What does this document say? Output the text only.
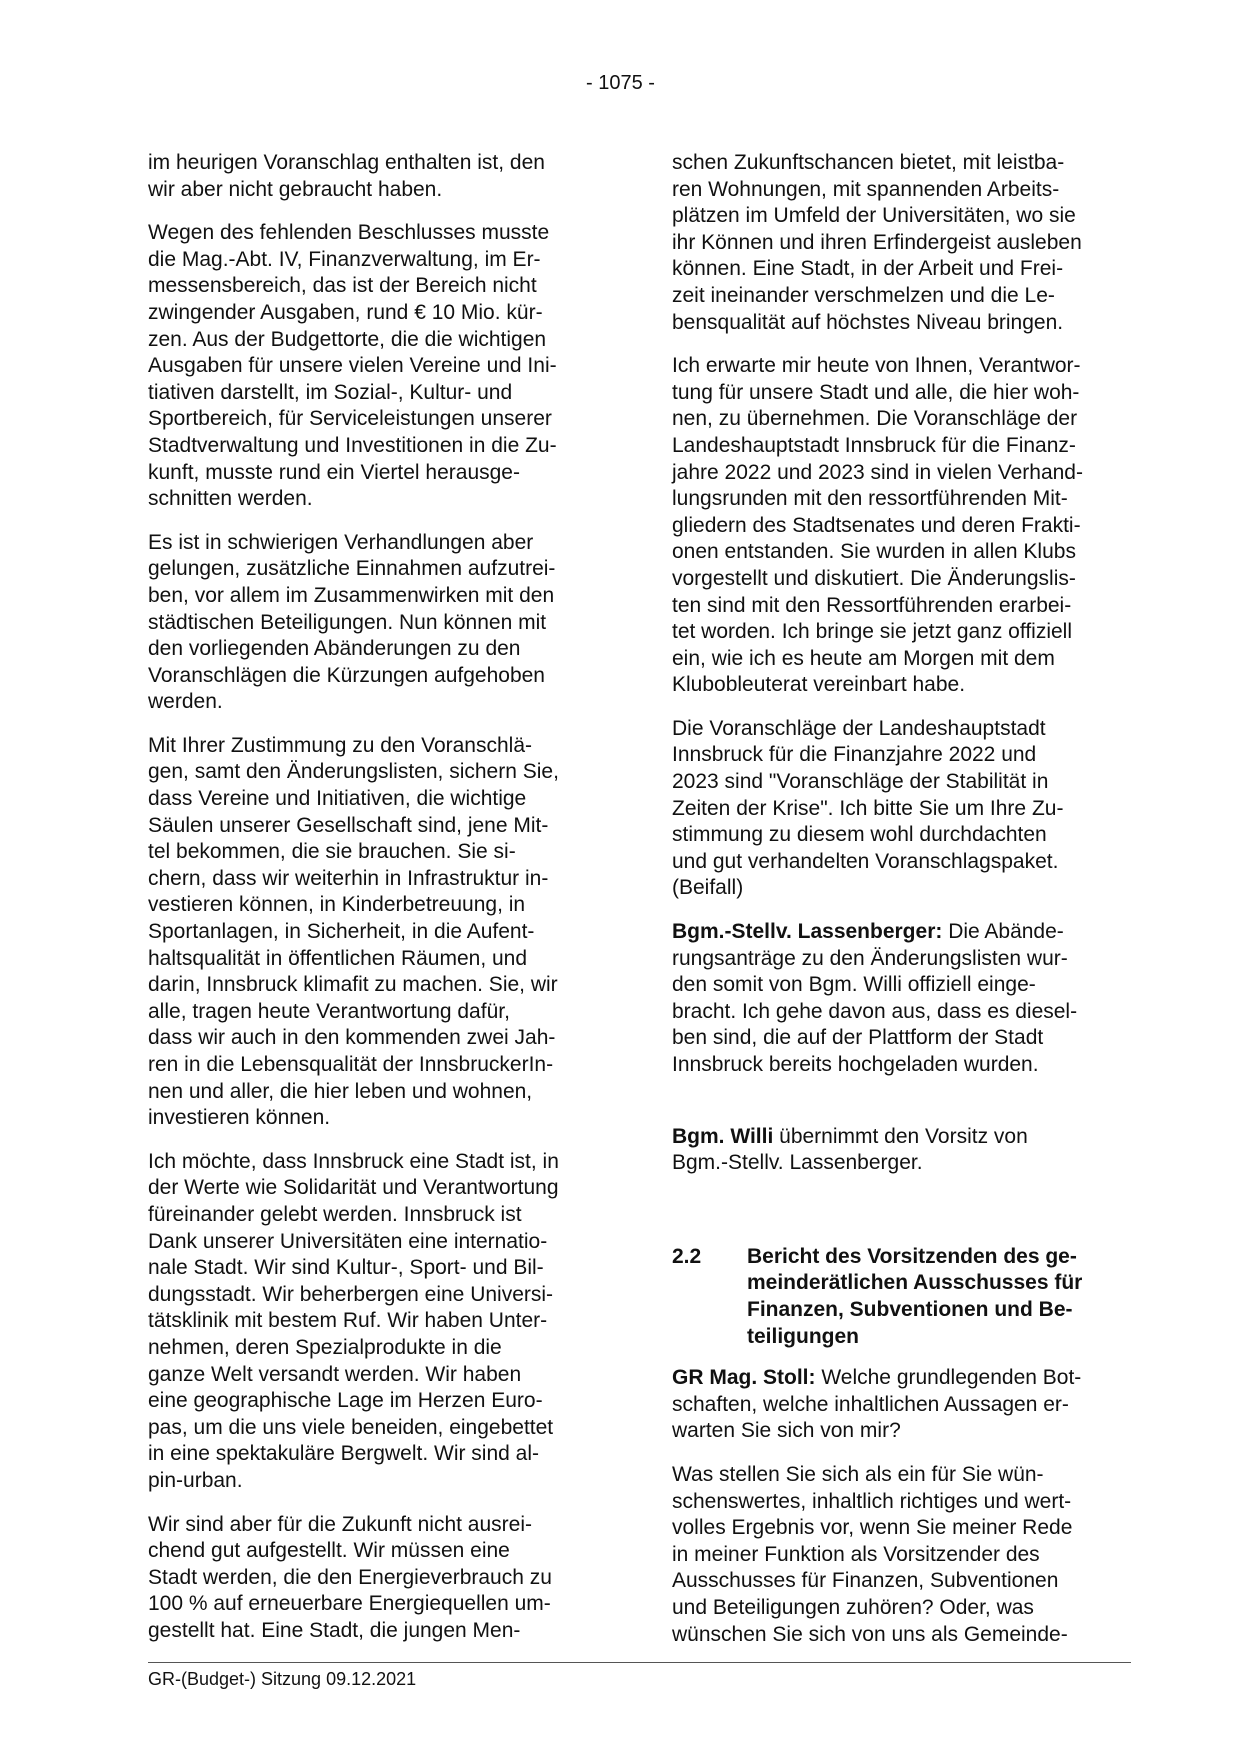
- 1075 -

im heurigen Voranschlag enthalten ist, den
wir aber nicht gebraucht haben.

Wegen des fehlenden Beschlusses musste
die Mag.-Abt. IV, Finanzverwaltung, im Er-
messensbereich, das ist der Bereich nicht
zwingender Ausgaben, rund € 10 Mio. kür-
zen. Aus der Budgettorte, die die wichtigen
Ausgaben für unsere vielen Vereine und Ini-
tiativen darstellt, im Sozial-, Kultur- und
Sportbereich, für Serviceleistungen unserer
Stadtverwaltung und Investitionen in die Zu-
kunft, musste rund ein Viertel herausge-
schnitten werden.

Es ist in schwierigen Verhandlungen aber
gelungen, zusätzliche Einnahmen aufzutrei-
ben, vor allem im Zusammenwirken mit den
städtischen Beteiligungen. Nun können mit
den vorliegenden Abänderungen zu den
Voranschlägen die Kürzungen aufgehoben
werden.

Mit Ihrer Zustimmung zu den Voranschlä-
gen, samt den Änderungslisten, sichern Sie,
dass Vereine und Initiativen, die wichtige
Säulen unserer Gesellschaft sind, jene Mit-
tel bekommen, die sie brauchen. Sie si-
chern, dass wir weiterhin in Infrastruktur in-
vestieren können, in Kinderbetreuung, in
Sportanlagen, in Sicherheit, in die Aufent-
haltsqualität in öffentlichen Räumen, und
darin, Innsbruck klimafit zu machen. Sie, wir
alle, tragen heute Verantwortung dafür,
dass wir auch in den kommenden zwei Jah-
ren in die Lebensqualität der InnsbruckerIn-
nen und aller, die hier leben und wohnen,
investieren können.

Ich möchte, dass Innsbruck eine Stadt ist, in
der Werte wie Solidarität und Verantwortung
füreinander gelebt werden. Innsbruck ist
Dank unserer Universitäten eine internatio-
nale Stadt. Wir sind Kultur-, Sport- und Bil-
dungsstadt. Wir beherbergen eine Universi-
tätsklinik mit bestem Ruf. Wir haben Unter-
nehmen, deren Spezialprodukte in die
ganze Welt versandt werden. Wir haben
eine geographische Lage im Herzen Euro-
pas, um die uns viele beneiden, eingebettet
in eine spektakuläre Bergwelt. Wir sind al-
pin-urban.

Wir sind aber für die Zukunft nicht ausrei-
chend gut aufgestellt. Wir müssen eine
Stadt werden, die den Energieverbrauch zu
100 % auf erneuerbare Energiequellen um-
gestellt hat. Eine Stadt, die jungen Men-

schen Zukunftschancen bietet, mit leistba-
ren Wohnungen, mit spannenden Arbeits-
plätzen im Umfeld der Universitäten, wo sie
ihr Können und ihren Erfindergeist ausleben
können. Eine Stadt, in der Arbeit und Frei-
zeit ineinander verschmelzen und die Le-
bensqualität auf höchstes Niveau bringen.

Ich erwarte mir heute von Ihnen, Verantwor-
tung für unsere Stadt und alle, die hier woh-
nen, zu übernehmen. Die Voranschläge der
Landeshauptstadt Innsbruck für die Finanz-
jahre 2022 und 2023 sind in vielen Verhand-
lungsrunden mit den ressortführenden Mit-
gliedern des Stadtsenates und deren Frakti-
onen entstanden. Sie wurden in allen Klubs
vorgestellt und diskutiert. Die Änderungslis-
ten sind mit den Ressortführenden erarbei-
tet worden. Ich bringe sie jetzt ganz offiziell
ein, wie ich es heute am Morgen mit dem
Klubobleuterat vereinbart habe.

Die Voranschläge der Landeshauptstadt
Innsbruck für die Finanzjahre 2022 und
2023 sind "Voranschläge der Stabilität in
Zeiten der Krise". Ich bitte Sie um Ihre Zu-
stimmung zu diesem wohl durchdachten
und gut verhandelten Voranschlagspaket.
(Beifall)

Bgm.-Stellv. Lassenberger: Die Abände-
rungsanträge zu den Änderungslisten wur-
den somit von Bgm. Willi offiziell einge-
bracht. Ich gehe davon aus, dass es diesel-
ben sind, die auf der Plattform der Stadt
Innsbruck bereits hochgeladen wurden.

Bgm. Willi übernimmt den Vorsitz von
Bgm.-Stellv. Lassenberger.

2.2	Bericht des Vorsitzenden des ge-
meinderätlichen Ausschusses für
Finanzen, Subventionen und Be-
teiligungen

GR Mag. Stoll: Welche grundlegenden Bot-
schaften, welche inhaltlichen Aussagen er-
warten Sie sich von mir?

Was stellen Sie sich als ein für Sie wün-
schenswertes, inhaltlich richtiges und wert-
volles Ergebnis vor, wenn Sie meiner Rede
in meiner Funktion als Vorsitzender des
Ausschusses für Finanzen, Subventionen
und Beteiligungen zuhören? Oder, was
wünschen Sie sich von uns als Gemeinde-

GR-(Budget-) Sitzung 09.12.2021
